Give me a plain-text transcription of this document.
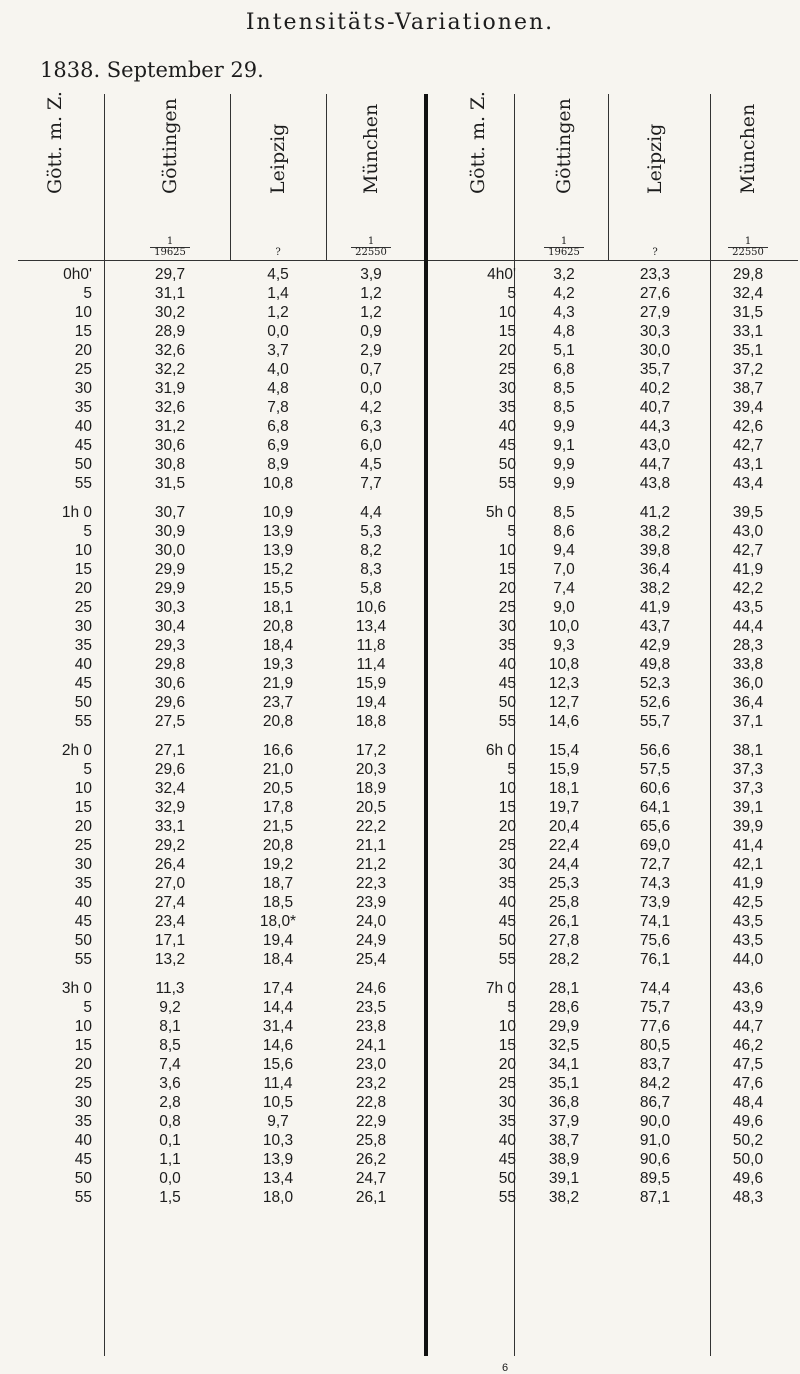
Intensitäts-Variationen.
1838. September 29.
Gött. m. Z.	Göttingen
1
19625
Leipzig
?
München
1
22550
Gött. m. Z.	Göttingen
1
19625
Leipzig
?
München
1
22550
0h0'	29,7	4,5	3,9	4h0'	3,2	23,3	29,8
5	31,1	1,4	1,2	5	4,2	27,6	32,4
10	30,2	1,2	1,2	10	4,3	27,9	31,5
15	28,9	0,0	0,9	15	4,8	30,3	33,1
20	32,6	3,7	2,9	20	5,1	30,0	35,1
25	32,2	4,0	0,7	25	6,8	35,7	37,2
30	31,9	4,8	0,0	30	8,5	40,2	38,7
35	32,6	7,8	4,2	35	8,5	40,7	39,4
40	31,2	6,8	6,3	40	9,9	44,3	42,6
45	30,6	6,9	6,0	45	9,1	43,0	42,7
50	30,8	8,9	4,5	50	9,9	44,7	43,1
55	31,5	10,8	7,7	55	9,9	43,8	43,4
1h 0	30,7	10,9	4,4	5h 0	8,5	41,2	39,5
5	30,9	13,9	5,3	5	8,6	38,2	43,0
10	30,0	13,9	8,2	10	9,4	39,8	42,7
15	29,9	15,2	8,3	15	7,0	36,4	41,9
20	29,9	15,5	5,8	20	7,4	38,2	42,2
25	30,3	18,1	10,6	25	9,0	41,9	43,5
30	30,4	20,8	13,4	30	10,0	43,7	44,4
35	29,3	18,4	11,8	35	9,3	42,9	28,3
40	29,8	19,3	11,4	40	10,8	49,8	33,8
45	30,6	21,9	15,9	45	12,3	52,3	36,0
50	29,6	23,7	19,4	50	12,7	52,6	36,4
55	27,5	20,8	18,8	55	14,6	55,7	37,1
2h 0	27,1	16,6	17,2	6h 0	15,4	56,6	38,1
5	29,6	21,0	20,3	5	15,9	57,5	37,3
10	32,4	20,5	18,9	10	18,1	60,6	37,3
15	32,9	17,8	20,5	15	19,7	64,1	39,1
20	33,1	21,5	22,2	20	20,4	65,6	39,9
25	29,2	20,8	21,1	25	22,4	69,0	41,4
30	26,4	19,2	21,2	30	24,4	72,7	42,1
35	27,0	18,7	22,3	35	25,3	74,3	41,9
40	27,4	18,5	23,9	40	25,8	73,9	42,5
45	23,4	18,0*	24,0	45	26,1	74,1	43,5
50	17,1	19,4	24,9	50	27,8	75,6	43,5
55	13,2	18,4	25,4	55	28,2	76,1	44,0
3h 0	11,3	17,4	24,6	7h 0	28,1	74,4	43,6
5	9,2	14,4	23,5	5	28,6	75,7	43,9
10	8,1	31,4	23,8	10	29,9	77,6	44,7
15	8,5	14,6	24,1	15	32,5	80,5	46,2
20	7,4	15,6	23,0	20	34,1	83,7	47,5
25	3,6	11,4	23,2	25	35,1	84,2	47,6
30	2,8	10,5	22,8	30	36,8	86,7	48,4
35	0,8	9,7	22,9	35	37,9	90,0	49,6
40	0,1	10,3	25,8	40	38,7	91,0	50,2
45	1,1	13,9	26,2	45	38,9	90,6	50,0
50	0,0	13,4	24,7	50	39,1	89,5	49,6
55	1,5	18,0	26,1	55	38,2	87,1	48,3
6
